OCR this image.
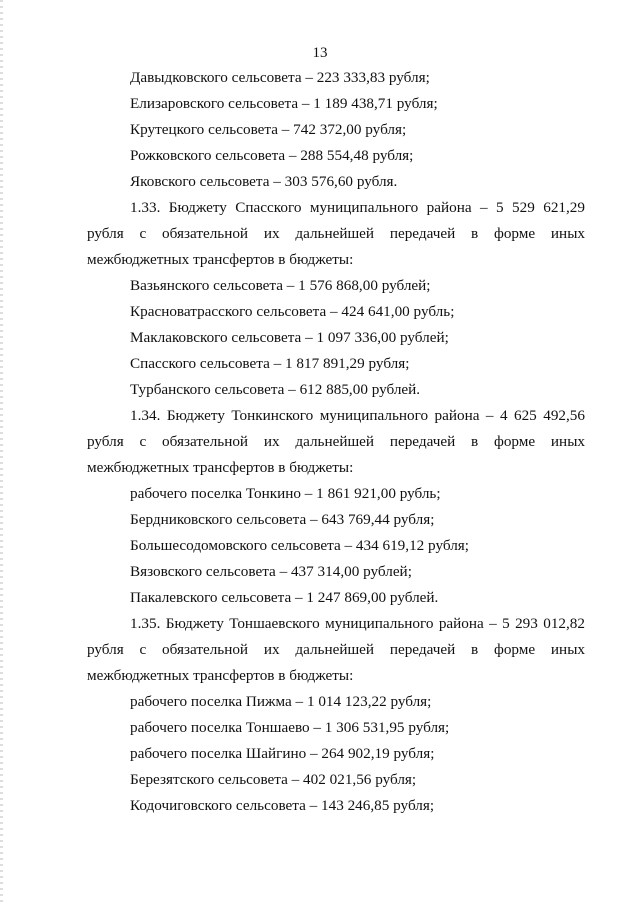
13
Давыдковского сельсовета – 223 333,83 рубля;
Елизаровского сельсовета – 1 189 438,71 рубля;
Крутецкого сельсовета – 742 372,00 рубля;
Рожковского сельсовета – 288 554,48 рубля;
Яковского сельсовета – 303 576,60 рубля.
1.33. Бюджету Спасского муниципального района – 5 529 621,29
рубля с обязательной их дальнейшей передачей в форме иных
межбюджетных трансфертов в бюджеты:
Вазьянского сельсовета – 1 576 868,00 рублей;
Красноватрасского сельсовета – 424 641,00 рубль;
Маклаковского сельсовета – 1 097 336,00 рублей;
Спасского сельсовета – 1 817 891,29 рубля;
Турбанского сельсовета – 612 885,00 рублей.
1.34. Бюджету Тонкинского муниципального района – 4 625 492,56
рубля с обязательной их дальнейшей передачей в форме иных
межбюджетных трансфертов в бюджеты:
рабочего поселка Тонкино – 1 861 921,00 рубль;
Бердниковского сельсовета – 643 769,44 рубля;
Большесодомовского сельсовета – 434 619,12 рубля;
Вязовского сельсовета – 437 314,00 рублей;
Пакалевского сельсовета – 1 247 869,00 рублей.
1.35. Бюджету Тоншаевского муниципального района – 5 293 012,82
рубля с обязательной их дальнейшей передачей в форме иных
межбюджетных трансфертов в бюджеты:
рабочего поселка Пижма – 1 014 123,22 рубля;
рабочего поселка Тоншаево – 1 306 531,95 рубля;
рабочего поселка Шайгино – 264 902,19 рубля;
Березятского сельсовета – 402 021,56 рубля;
Кодочиговского сельсовета – 143 246,85 рубля;
